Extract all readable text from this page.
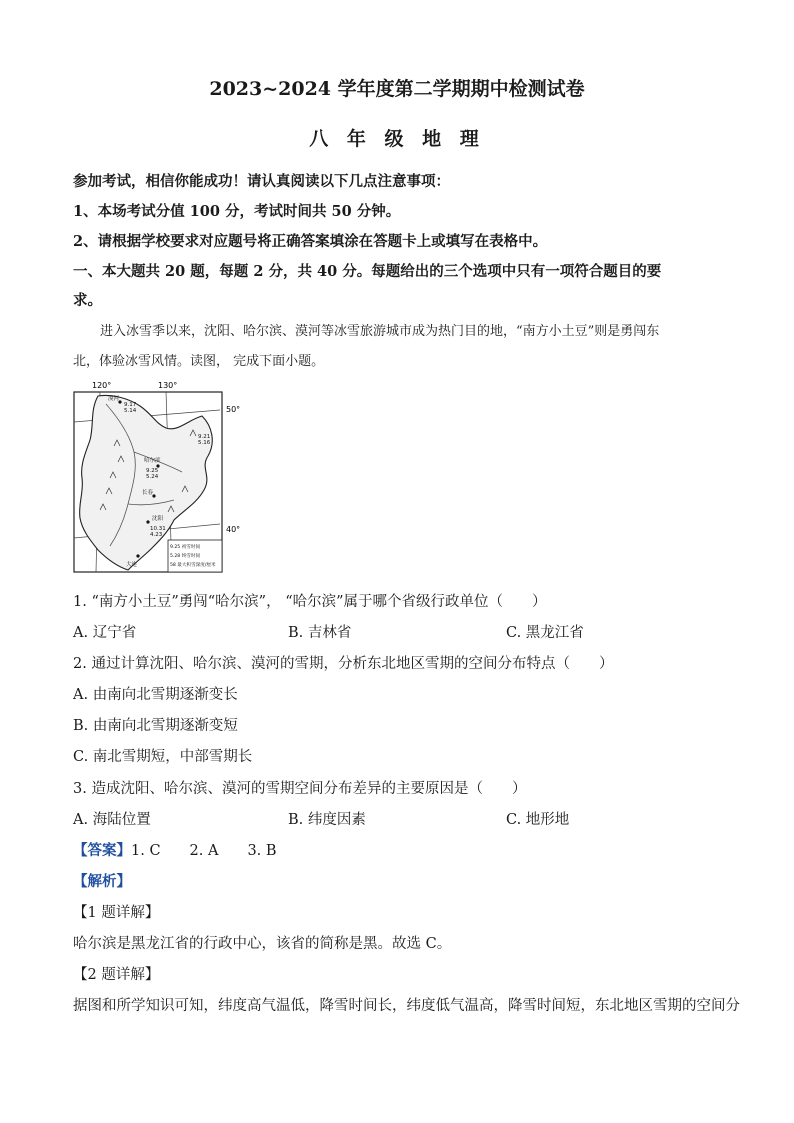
2023~2024 学年度第二学期期中检测试卷
八 年 级 地 理
参加考试，相信你能成功！请认真阅读以下几点注意事项：
1、本场考试分值 100 分，考试时间共 50 分钟。
2、请根据学校要求对应题号将正确答案填涂在答题卡上或填写在表格中。
一、本大题共 20 题，每题 2 分，共 40 分。每题给出的三个选项中只有一项符合题目的要
求。
进入冰雪季以来，沈阳、哈尔滨、漠河等冰雪旅游城市成为热门目的地，“南方小土豆”则是勇闯东
北，体验冰雪风情。读图， 完成下面小题。
120°	130°
50°
40°
漠河
9.17
5.14
哈尔滨
9.25
5.24
长春
沈阳
10.31
4.23
大连
9.21
5.16
9.25 初雪时间
5.28 终雪时间
58 最大积雪深度/厘米
1. “南方小土豆”勇闯“哈尔滨”， “哈尔滨”属于哪个省级行政单位（　　）
A. 辽宁省	B. 吉林省	C. 黑龙江省
2. 通过计算沈阳、哈尔滨、漠河的雪期，分析东北地区雪期的空间分布特点（　　）
A. 由南向北雪期逐渐变长
B. 由南向北雪期逐渐变短
C. 南北雪期短，中部雪期长
3. 造成沈阳、哈尔滨、漠河的雪期空间分布差异的主要原因是（　　）
A. 海陆位置	B. 纬度因素	C. 地形地
【答案】1. C　　2. A　　3. B
【解析】
【1 题详解】
哈尔滨是黑龙江省的行政中心，该省的简称是黑。故选 C。
【2 题详解】
据图和所学知识可知，纬度高气温低，降雪时间长，纬度低气温高，降雪时间短，东北地区雪期的空间分
